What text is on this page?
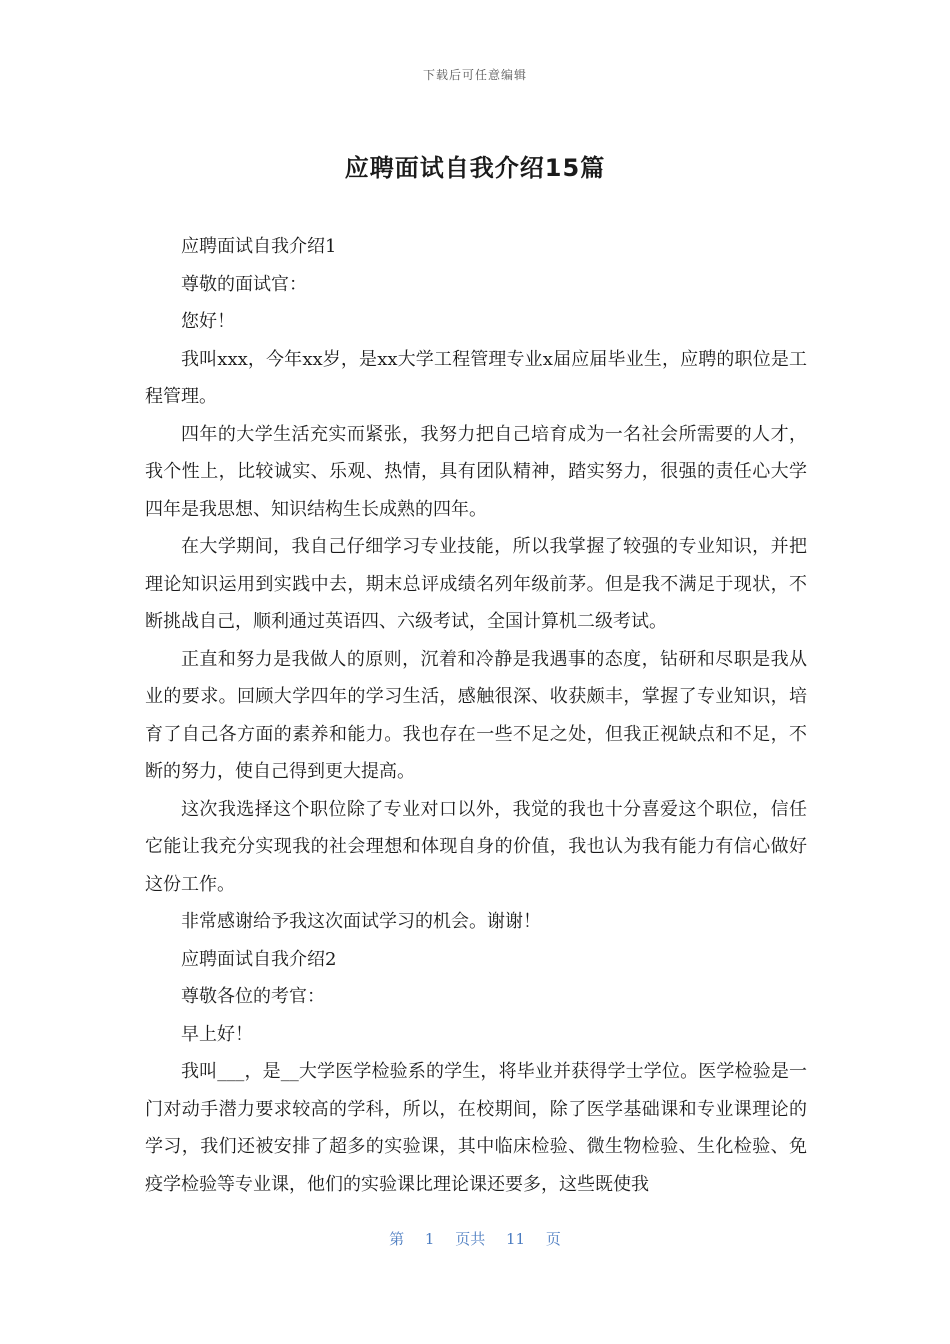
下载后可任意编辑
应聘面试自我介绍15篇

应聘面试自我介绍1

尊敬的面试官：

您好！

我叫xxx，今年xx岁，是xx大学工程管理专业x届应届毕业生，应聘的职位是工程管理。

四年的大学生活充实而紧张，我努力把自己培育成为一名社会所需要的人才，我个性上，比较诚实、乐观、热情，具有团队精神，踏实努力，很强的责任心大学四年是我思想、知识结构生长成熟的四年。

在大学期间，我自己仔细学习专业技能，所以我掌握了较强的专业知识，并把理论知识运用到实践中去，期末总评成绩名列年级前茅。但是我不满足于现状，不断挑战自己，顺利通过英语四、六级考试，全国计算机二级考试。

正直和努力是我做人的原则，沉着和冷静是我遇事的态度，钻研和尽职是我从业的要求。回顾大学四年的学习生活，感触很深、收获颇丰，掌握了专业知识，培育了自己各方面的素养和能力。我也存在一些不足之处，但我正视缺点和不足，不断的努力，使自己得到更大提高。

这次我选择这个职位除了专业对口以外，我觉的我也十分喜爱这个职位，信任它能让我充分实现我的社会理想和体现自身的价值，我也认为我有能力有信心做好这份工作。

非常感谢给予我这次面试学习的机会。谢谢！

应聘面试自我介绍2

尊敬各位的考官：

早上好！

我叫___，是__大学医学检验系的学生，将毕业并获得学士学位。医学检验是一门对动手潜力要求较高的学科，所以，在校期间，除了医学基础课和专业课理论的学习，我们还被安排了超多的实验课，其中临床检验、微生物检验、生化检验、免疫学检验等专业课，他们的实验课比理论课还要多，这些既使我

第 1 页共 11 页
